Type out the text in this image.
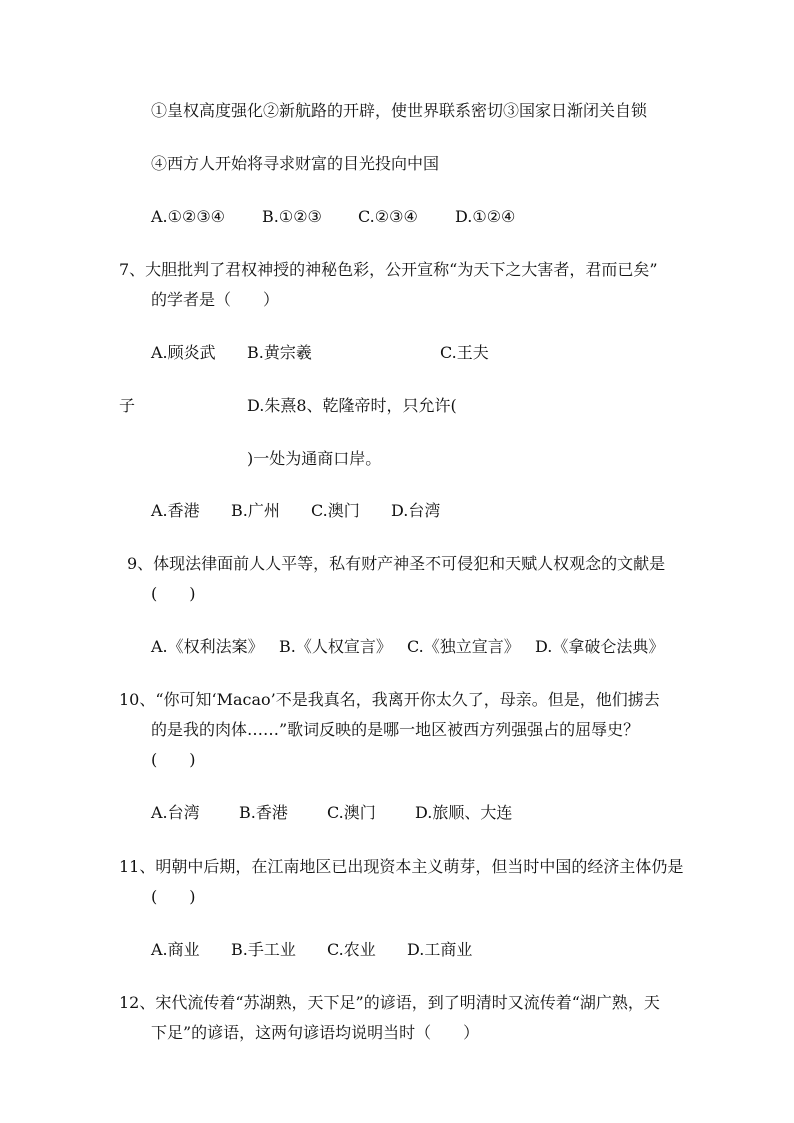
①皇权高度强化②新航路的开辟，使世界联系密切③国家日渐闭关自锁
④西方人开始将寻求财富的目光投向中国
A.①②③④ B.①②③ C.②③④ D.①②④
7、大胆批判了君权神授的神秘色彩，公开宣称“为天下之大害者，君而已矣”
的学者是（　　）
A.顾炎武 B.黄宗羲	C.王夫
子	D.朱熹8、乾隆帝时，只允许(
)一处为通商口岸。
A.香港 B.广州 C.澳门 D.台湾
9、体现法律面前人人平等，私有财产神圣不可侵犯和天赋人权观念的文献是
(　　)
A.《权利法案》 B.《人权宣言》 C.《独立宣言》 D.《拿破仑法典》
10、“你可知‘Macao’不是我真名，我离开你太久了，母亲。但是，他们掳去
的是我的肉体……”歌词反映的是哪一地区被西方列强强占的屈辱史？
(　　)
A.台湾 B.香港 C.澳门 D.旅顺、大连
11、明朝中后期，在江南地区已出现资本主义萌芽，但当时中国的经济主体仍是
(　　)
A.商业 B.手工业 C.农业 D.工商业
12、宋代流传着“苏湖熟，天下足”的谚语，到了明清时又流传着“湖广熟，天
下足”的谚语，这两句谚语均说明当时（　　）
